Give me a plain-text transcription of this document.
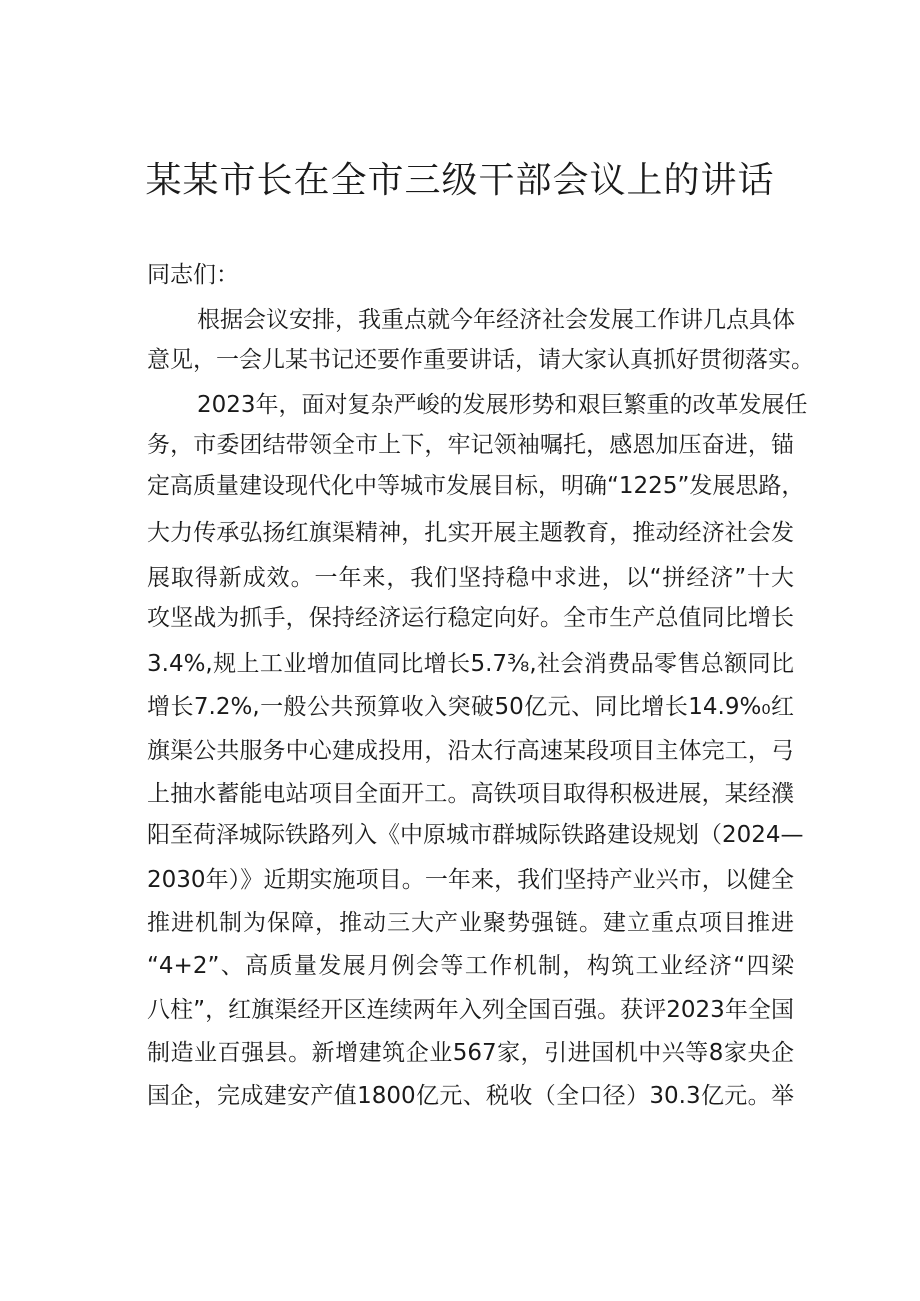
某某市长在全市三级干部会议上的讲话
同志们：
根据会议安排，我重点就今年经济社会发展工作讲几点具体
意见，一会儿某书记还要作重要讲话，请大家认真抓好贯彻落实。
2023年，面对复杂严峻的发展形势和艰巨繁重的改革发展任
务，市委团结带领全市上下，牢记领袖嘱托，感恩加压奋进，锚
定高质量建设现代化中等城市发展目标，明确“1225”发展思路，
大力传承弘扬红旗渠精神，扎实开展主题教育，推动经济社会发
展取得新成效。一年来，我们坚持稳中求进，以“拼经济”十大
攻坚战为抓手，保持经济运行稳定向好。全市生产总值同比增长
3.4%,规上工业增加值同比增长5.7⅜,社会消费品零售总额同比
增长7.2%,一般公共预算收入突破50亿元、同比增长14.9%₀红
旗渠公共服务中心建成投用，沿太行高速某段项目主体完工，弓
上抽水蓄能电站项目全面开工。高铁项目取得积极进展，某经濮
阳至荷泽城际铁路列入《中原城市群城际铁路建设规划（2024—
2030年）》近期实施项目。一年来，我们坚持产业兴市，以健全
推进机制为保障，推动三大产业聚势强链。建立重点项目推进
“4+2”、高质量发展月例会等工作机制，构筑工业经济“四梁
八柱”，红旗渠经开区连续两年入列全国百强。获评2023年全国
制造业百强县。新增建筑企业567家，引进国机中兴等8家央企
国企，完成建安产值1800亿元、税收（全口径）30.3亿元。举
